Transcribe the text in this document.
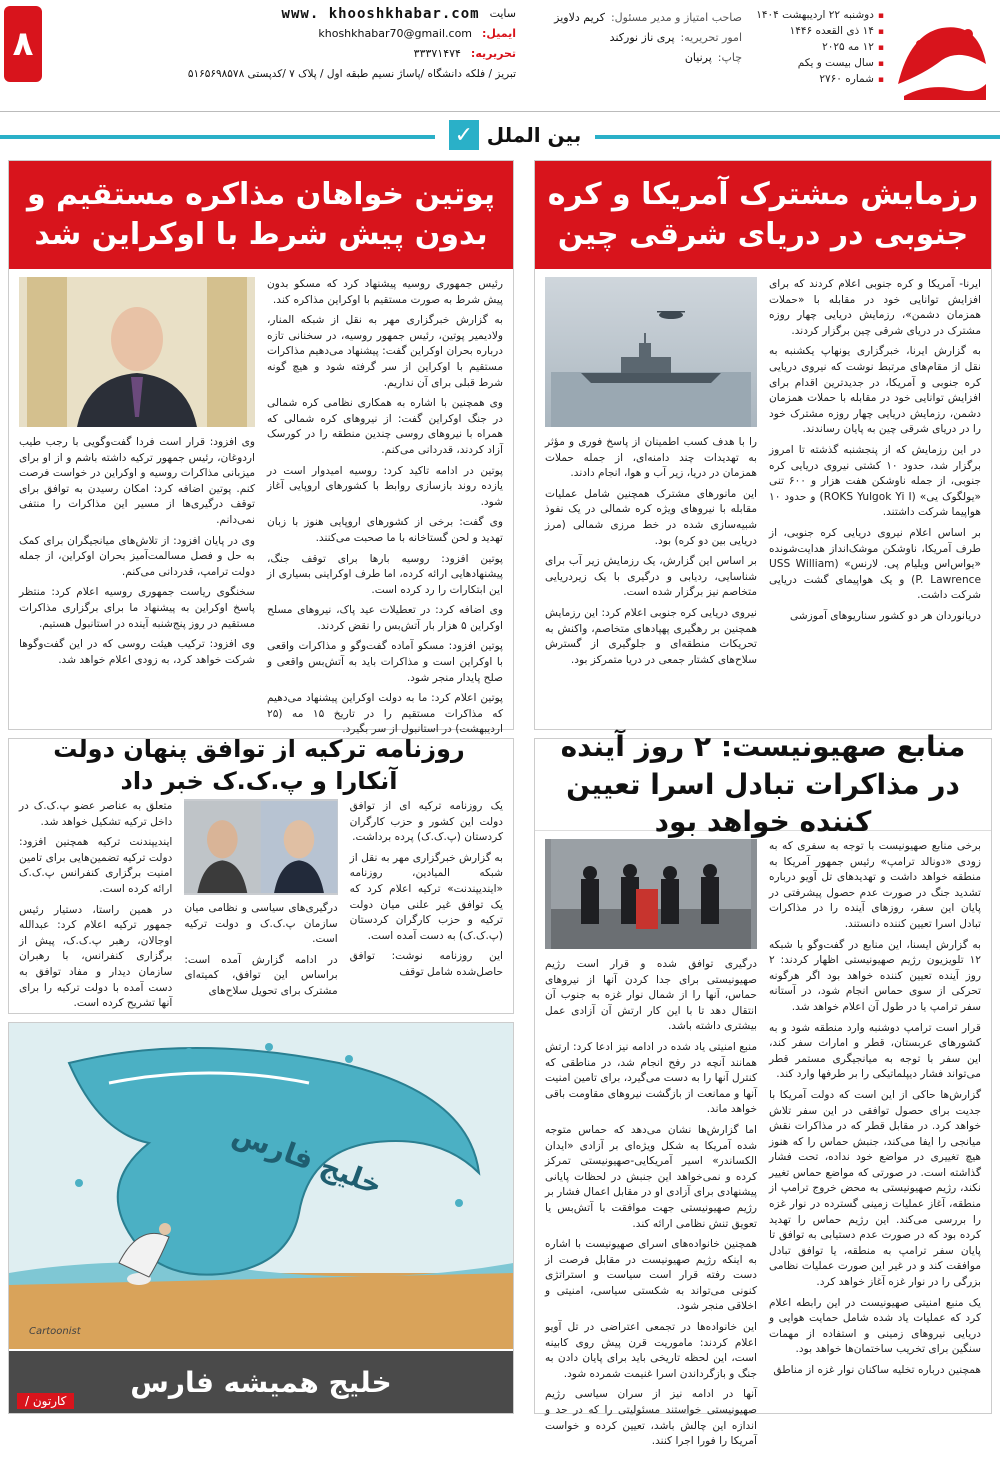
▪ دوشنبه ۲۲ اردیبهشت ۱۴۰۴
▪ ۱۴ ذی القعده ۱۴۴۶
▪ ۱۲ مه ۲۰۲۵
▪ سال بیست و یکم
▪ شماره ۲۷۶۰
صاحب امتیاز و مدیر مسئول:کریم دلاویز
امور تحریریه:پری ناز نورکند
چاپ:پرنیان
سایت
www. khooshkhabar.com
ایمیل:
khoshkhabar70@gmail.com
تحریریه:
۳۳۳۷۱۴۷۴
تبریز / فلکه دانشگاه /پاساژ نسیم طبقه اول / پلاک ۷ /کدپستی ۵۱۶۵۶۹۸۵۷۸
۸
بین الملل
✓
رزمایش مشترک آمریکا و کره جنوبی در دریای شرقی چین

ایرنا- آمریکا و کره جنوبی اعلام کردند که برای افزایش توانایی خود در مقابله با «حملات همزمان دشمن»، رزمایش دریایی چهار روزه مشترک در دریای شرقی چین برگزار کردند.

به گزارش ایرنا، خبرگزاری یونهاپ یکشنبه به نقل از مقام‌های مرتبط نوشت که نیروی دریایی کره جنوبی و آمریکا، در جدیدترین اقدام برای افزایش توانایی خود در مقابله با حملات همزمان دشمن، رزمایش دریایی چهار روزه مشترک خود را در دریای شرقی چین به پایان رساندند.

در این رزمایش که از پنجشنبه گذشته تا امروز برگزار شد، حدود ۱۰ کشتی نیروی دریایی کره جنوبی، از جمله ناوشکن هفت هزار و ۶۰۰ تنی «یولگوک یی» (ROKS Yulgok Yi I) و حدود ۱۰ هواپیما شرکت داشتند.

بر اساس اعلام نیروی دریایی کره جنوبی، از طرف آمریکا، ناوشکن موشک‌انداز هدایت‌شونده «یواس‌اس ویلیام پی. لارنس» (USS William P. Lawrence) و یک هواپیمای گشت دریایی شرکت داشت.

دریانوردان هر دو کشور سناریوهای آموزشی

را با هدف کسب اطمینان از پاسخ فوری و مؤثر به تهدیدات چند دامنه‌ای، از جمله حملات همزمان در دریا، زیر آب و هوا، انجام دادند.

این مانورهای مشترک همچنین شامل عملیات مقابله با نیروهای ویژه کره شمالی در یک نفوذ شبیه‌سازی شده در خط مرزی شمالی (مرز دریایی بین دو کره) بود.

بر اساس این گزارش، یک رزمایش زیر آب برای شناسایی، ردیابی و درگیری با یک زیردریایی متخاصم نیز برگزار شده است.

نیروی دریایی کره جنوبی اعلام کرد: این رزمایش همچنین بر رهگیری پهپادهای متخاصم، واکنش به تحریکات منطقه‌ای و جلوگیری از گسترش سلاح‌های کشتار جمعی در دریا متمرکز بود.

پوتین خواهان مذاکره مستقیم و بدون پیش شرط با اوکراین شد

رئیس جمهوری روسیه پیشنهاد کرد که مسکو بدون پیش شرط به صورت مستقیم با اوکراین مذاکره کند.

به گزارش خبرگزاری مهر به نقل از شبکه المنار، ولادیمیر پوتین، رئیس جمهور روسیه، در سخنانی تازه درباره بحران اوکراین گفت: پیشنهاد می‌دهیم مذاکرات مستقیم با اوکراین از سر گرفته شود و هیچ گونه شرط قبلی برای آن نداریم.

وی همچنین با اشاره به همکاری نظامی کره شمالی در جنگ اوکراین گفت: از نیروهای کره شمالی که همراه با نیروهای روسی چندین منطقه را در کورسک آزاد کردند، قدردانی می‌کنم.

پوتین در ادامه تاکید کرد: روسیه امیدوار است در یازده روند بازسازی روابط با کشورهای اروپایی آغاز شود.

وی گفت: برخی از کشورهای اروپایی هنوز با زبان تهدید و لحن گستاخانه با ما صحبت می‌کنند.

پوتین افزود: روسیه بارها برای توقف جنگ، پیشنهادهایی ارائه کرده، اما طرف اوکراینی بسیاری از این ابتکارات را رد کرده است.

وی اضافه کرد: در تعطیلات عید پاک، نیروهای مسلح اوکراین ۵ هزار بار آتش‌بس را نقض کردند.

پوتین افزود: مسکو آماده گفت‌وگو و مذاکرات واقعی با اوکراین است و مذاکرات باید به آتش‌بس واقعی و صلح پایدار منجر شود.

پوتین اعلام کرد: ما به دولت اوکراین پیشنهاد می‌دهیم که مذاکرات مستقیم را در تاریخ ۱۵ مه (۲۵ اردیبهشت) در استانبول از سر بگیرد.

وی افزود: قرار است فردا گفت‌وگویی با رجب طیب اردوغان، رئیس جمهور ترکیه داشته باشم و از او برای میزبانی مذاکرات روسیه و اوکراین در خواست فرصت کنم. پوتین اضافه کرد: امکان رسیدن به توافق برای توقف درگیری‌ها از مسیر این مذاکرات را منتفی نمی‌دانم.

وی در پایان افزود: از تلاش‌های میانجیگران برای کمک به حل و فصل مسالمت‌آمیز بحران اوکراین، از جمله دولت ترامپ، قدردانی می‌کنم.

سخنگوی ریاست جمهوری روسیه اعلام کرد: منتظر پاسخ اوکراین به پیشنهاد ما برای برگزاری مذاکرات مستقیم در روز پنج‌شنبه آینده در استانبول هستیم.

وی افزود: ترکیب هیئت روسی که در این گفت‌وگوها شرکت خواهد کرد، به زودی اعلام خواهد شد.

منابع صهیونیست: ۲ روز آینده در مذاکرات تبادل اسرا تعیین کننده خواهد بود

برخی منابع صهیونیست با توجه به سفری که به زودی «دونالد ترامپ» رئیس جمهور آمریکا به منطقه خواهد داشت و تهدیدهای تل آویو درباره تشدید جنگ در صورت عدم حصول پیشرفتی در پایان این سفر، روزهای آینده را در مذاکرات تبادل اسرا تعیین کننده دانستند.

به گزارش ایسنا، این منابع در گفت‌وگو با شبکه ۱۲ تلویزیون رژیم صهیونیستی اظهار کردند: ۲ روز آینده تعیین کننده خواهد بود اگر هرگونه تحرکی از سوی حماس انجام شود، در آستانه سفر ترامپ یا در طول آن اعلام خواهد شد.

قرار است ترامپ دوشنبه وارد منطقه شود و به کشورهای عربستان، قطر و امارات سفر کند، این سفر با توجه به میانجیگری مستمر قطر می‌تواند فشار دیپلماتیکی را بر طرفها وارد کند.

گزارش‌ها حاکی از این است که دولت آمریکا با جدیت برای حصول توافقی در این سفر تلاش خواهد کرد. در مقابل قطر که در مذاکرات نقش میانجی را ایفا می‌کند، جنبش حماس را که هنوز هیچ تغییری در مواضع خود نداده، تحت فشار گذاشته است. در صورتی که مواضع حماس تغییر نکند، رژیم صهیونیستی به محض خروج ترامپ از منطقه، آغاز عملیات زمینی گسترده در نوار غزه را بررسی می‌کند. این رژیم حماس را تهدید کرده بود که در صورت عدم دستیابی به توافق تا پایان سفر ترامپ به منطقه، یا توافق تبادل موافقت کند و در غیر این صورت عملیات نظامی بزرگی را در نوار غزه آغاز خواهد کرد.

یک منبع امنیتی صهیونیست در این رابطه اعلام کرد که عملیات یاد شده شامل حمایت هوایی و دریایی نیروهای زمینی و استفاده از مهمات سنگین برای تخریب ساختمان‌ها خواهد بود.

همچنین درباره تخلیه ساکنان نوار غزه از مناطق

درگیری توافق شده و قرار است رژیم صهیونیستی برای جدا کردن آنها از نیروهای حماس، آنها را از شمال نوار غزه به جنوب آن انتقال دهد تا با این کار ارتش آن آزادی عمل بیشتری داشته باشد.

منبع امنیتی یاد شده در ادامه نیز ادعا کرد: ارتش همانند آنچه در رفح انجام شد، در مناطقی که کنترل آنها را به دست می‌گیرد، برای تامین امنیت آنها و ممانعت از بازگشت نیروهای مقاومت باقی خواهد ماند.

اما گزارش‌ها نشان می‌دهد که حماس متوجه شده آمریکا به شکل ویژه‌ای بر آزادی «ایدان الکساندر» اسیر آمریکایی-صهیونیستی تمرکز کرده و نمی‌خواهد این جنبش در لحظات پایانی پیشنهادی برای آزادی او در مقابل اعمال فشار بر رژیم صهیونیستی جهت موافقت با آتش‌بس یا تعویق تنش نظامی ارائه کند.

همچنین خانواده‌های اسرای صهیونیست با اشاره به اینکه رژیم صهیونیست در مقابل فرصت از دست رفته قرار است سیاست و استراتژی کنونی می‌تواند به شکستی سیاسی، امنیتی و اخلاقی منجر شود.

این خانواده‌ها در تجمعی اعتراضی در تل آویو اعلام کردند: ماموریت قرن پیش روی کابینه است، این لحظه تاریخی باید برای پایان دادن به جنگ و بازگرداندن اسرا غنیمت شمرده شود.

آنها در ادامه نیز از سران سیاسی رژیم صهیونیستی خواستند مسئولیتی را که در حد و اندازه این چالش باشد، تعیین کرده و خواست آمریکا را فورا اجرا کنند.

روزنامه ترکیه از توافق پنهان دولت آنکارا و پ.ک.ک خبر داد

یک روزنامه ترکیه ای از توافق دولت این کشور و حزب کارگران کردستان (پ.ک.ک) پرده برداشت.

به گزارش خبرگزاری مهر به نقل از شبکه المیادین، روزنامه «ایندیپندنت» ترکیه اعلام کرد که یک توافق غیر علنی میان دولت ترکیه و حزب کارگران کردستان (پ.ک.ک) به دست آمده است.

این روزنامه نوشت: توافق حاصل‌شده شامل توقف

درگیری‌های سیاسی و نظامی میان سازمان پ.ک.ک و دولت ترکیه است.

در ادامه گزارش آمده است: براساس این توافق، کمیته‌ای مشترک برای تحویل سلاح‌های

متعلق به عناصر عضو پ.ک.ک در داخل ترکیه تشکیل خواهد شد.

ایندیپندنت ترکیه همچنین افزود: دولت ترکیه تضمین‌هایی برای تامین امنیت برگزاری کنفرانس پ.ک.ک ارائه کرده است.

در همین راستا، دستیار رئیس جمهور ترکیه اعلام کرد: عبدالله اوجالان، رهبر پ.ک.ک، پیش از برگزاری کنفرانس، با رهبران سازمان دیدار و مفاد توافق به دست آمده با دولت ترکیه را برای آنها تشریح کرده است.

خلیج فارس
Cartoonist
خلیج همیشه فارس
کارتون /
